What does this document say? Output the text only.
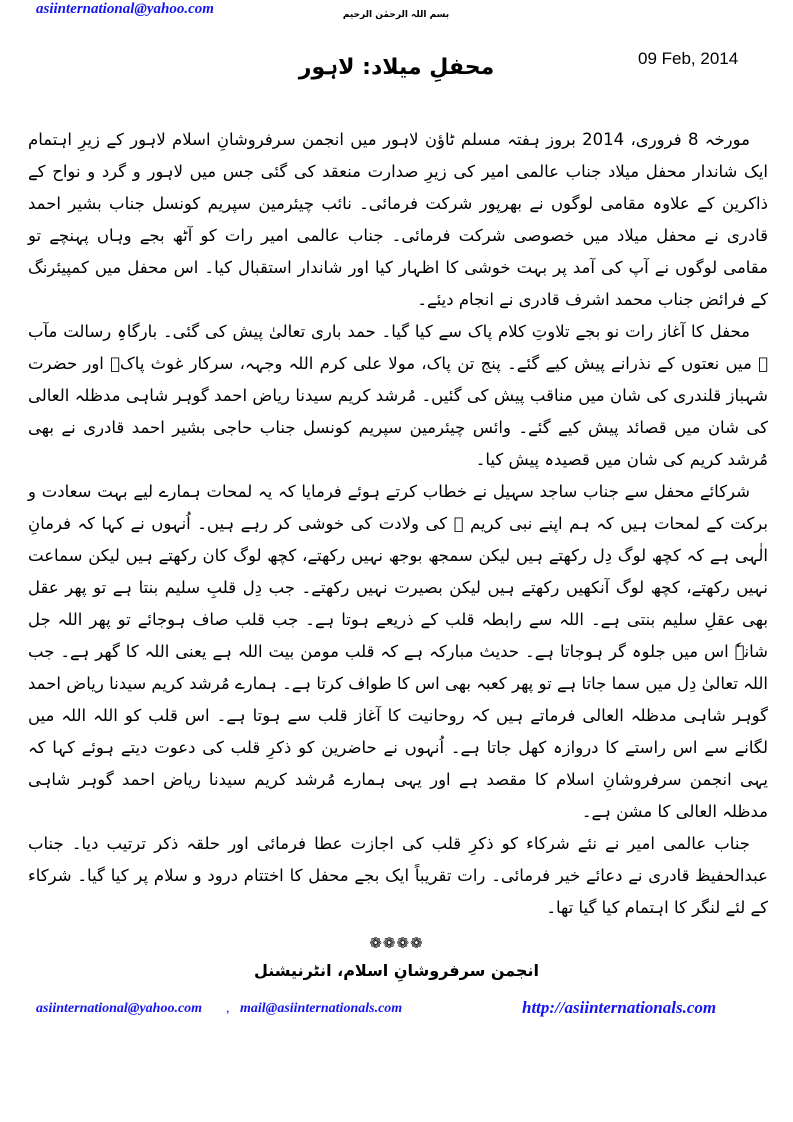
asiinternational@yahoo.com	بسم اللہ الرحمٰن الرحیم
محفلِ میلاد: لاہور	09 Feb, 2014

مورخہ 8 فروری، 2014 بروز ہفتہ مسلم ٹاؤن لاہور میں انجمن سرفروشانِ اسلام لاہور کے زیرِ اہتمام ایک شاندار محفل میلاد جناب عالمی امیر کی زیرِ صدارت منعقد کی گئی جس میں لاہور و گرد و نواح کے ذاکرین کے علاوہ مقامی لوگوں نے بھرپور شرکت فرمائی۔ نائب چیئرمین سپریم کونسل جناب بشیر احمد قادری نے محفل میلاد میں خصوصی شرکت فرمائی۔ جناب عالمی امیر رات کو آٹھ بجے وہاں پہنچے تو مقامی لوگوں نے آپ کی آمد پر بہت خوشی کا اظہار کیا اور شاندار استقبال کیا۔ اس محفل میں کمپیئرنگ کے فرائض جناب محمد اشرف قادری نے انجام دیئے۔

محفل کا آغاز رات نو بجے تلاوتِ کلام پاک سے کیا گیا۔ حمد باری تعالیٰ پیش کی گئی۔ بارگاہِ رسالت مآب ﷺ میں نعتوں کے نذرانے پیش کیے گئے۔ پنج تن پاک، مولا علی کرم اللہ وجہہ، سرکار غوث پاکؓ اور حضرت شہباز قلندری کی شان میں مناقب پیش کی گئیں۔ مُرشد کریم سیدنا ریاض احمد گوہر شاہی مدظلہ العالی کی شان میں قصائد پیش کیے گئے۔ وائس چیئرمین سپریم کونسل جناب حاجی بشیر احمد قادری نے بھی مُرشد کریم کی شان میں قصیدہ پیش کیا۔

شرکائے محفل سے جناب ساجد سہیل نے خطاب کرتے ہوئے فرمایا کہ یہ لمحات ہمارے لیے بہت سعادت و برکت کے لمحات ہیں کہ ہم اپنے نبی کریم ﷺ کی ولادت کی خوشی کر رہے ہیں۔ اُنہوں نے کہا کہ فرمانِ الٰہی ہے کہ کچھ لوگ دِل رکھتے ہیں لیکن سمجھ بوجھ نہیں رکھتے، کچھ لوگ کان رکھتے ہیں لیکن سماعت نہیں رکھتے، کچھ لوگ آنکھیں رکھتے ہیں لیکن بصیرت نہیں رکھتے۔ جب دِل قلبِ سلیم بنتا ہے تو پھر عقل بھی عقلِ سلیم بنتی ہے۔ اللہ سے رابطہ قلب کے ذریعے ہوتا ہے۔ جب قلب صاف ہوجائے تو پھر اللہ جل شانہٗ اس میں جلوہ گر ہوجاتا ہے۔ حدیث مبارکہ ہے کہ قلب مومن بیت اللہ ہے یعنی اللہ کا گھر ہے۔ جب اللہ تعالیٰ دِل میں سما جاتا ہے تو پھر کعبہ بھی اس کا طواف کرتا ہے۔ ہمارے مُرشد کریم سیدنا ریاض احمد گوہر شاہی مدظلہ العالی فرماتے ہیں کہ روحانیت کا آغاز قلب سے ہوتا ہے۔ اس قلب کو اللہ اللہ میں لگانے سے اس راستے کا دروازہ کھل جاتا ہے۔ اُنہوں نے حاضرین کو ذکرِ قلب کی دعوت دیتے ہوئے کہا کہ یہی انجمن سرفروشانِ اسلام کا مقصد ہے اور یہی ہمارے مُرشد کریم سیدنا ریاض احمد گوہر شاہی مدظلہ العالی کا مشن ہے۔

جناب عالمی امیر نے نئے شرکاء کو ذکرِ قلب کی اجازت عطا فرمائی اور حلقہ ذکر ترتیب دیا۔ جناب عبدالحفیظ قادری نے دعائے خیر فرمائی۔ رات تقریباً ایک بجے محفل کا اختتام درود و سلام پر کیا گیا۔ شرکاء کے لئے لنگر کا اہتمام کیا گیا تھا۔

❁❁❁❁
انجمن سرفروشانِ اسلام، انٹرنیشنل
asiinternational@yahoo.com , mail@asiinternationals.com	http://asiinternationals.com
